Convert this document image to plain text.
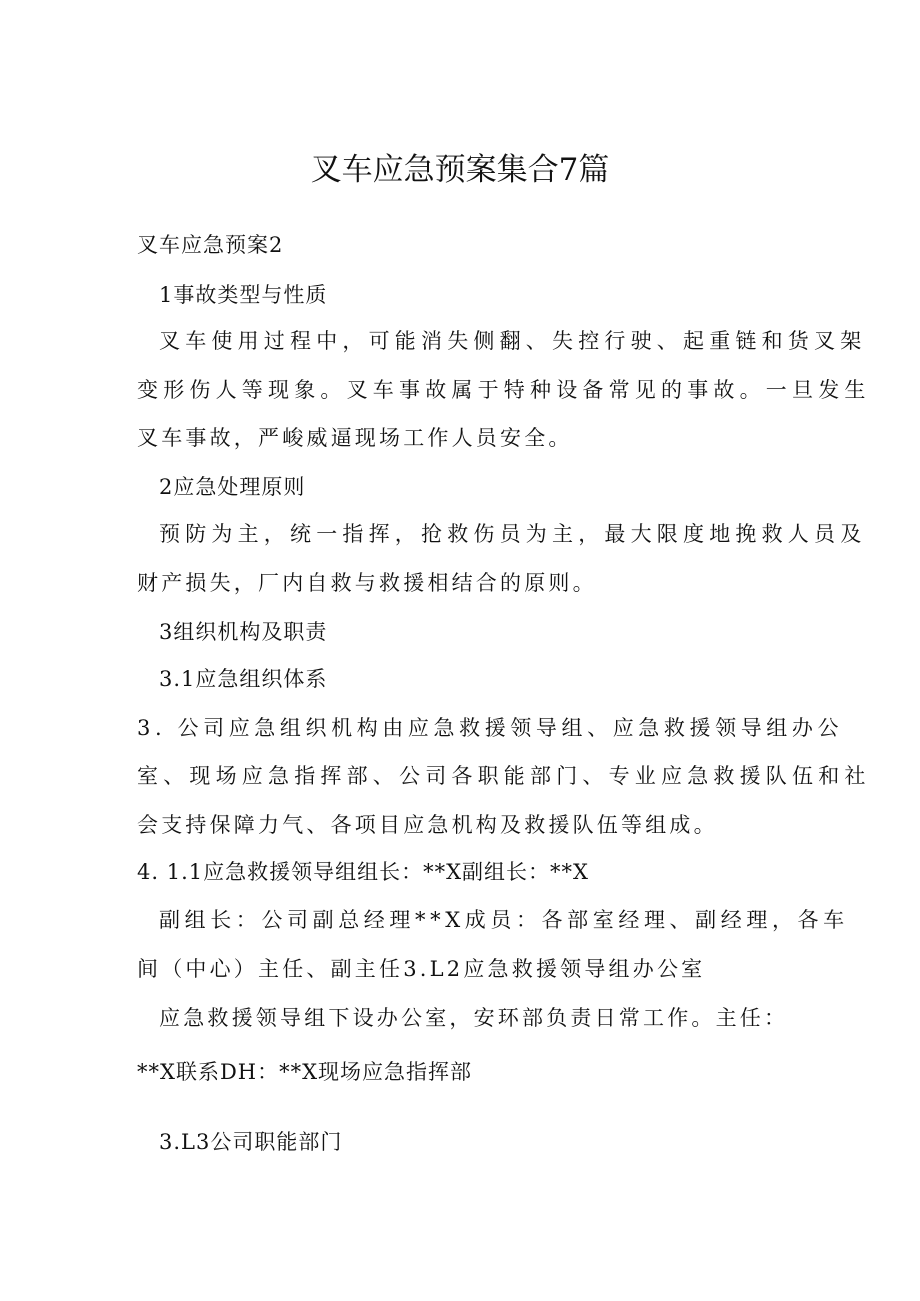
叉车应急预案集合7篇
叉车应急预案2
1事故类型与性质
叉车使用过程中，可能消失侧翻、失控行驶、起重链和货叉架
变形伤人等现象。叉车事故属于特种设备常见的事故。一旦发生
叉车事故，严峻威逼现场工作人员安全。
2应急处理原则
预防为主，统一指挥，抢救伤员为主，最大限度地挽救人员及
财产损失，厂内自救与救援相结合的原则。
3组织机构及职责
3.1应急组织体系
3. 公司应急组织机构由应急救援领导组、应急救援领导组办公
室、现场应急指挥部、公司各职能部门、专业应急救援队伍和社
会支持保障力气、各项目应急机构及救援队伍等组成。
4. 1.1应急救援领导组组长：**X副组长：**X
副组长：公司副总经理**X成员：各部室经理、副经理，各车
间（中心）主任、副主任3.L2应急救援领导组办公室
应急救援领导组下设办公室，安环部负责日常工作。主任：
**X联系DH：**X现场应急指挥部
3.L3公司职能部门
